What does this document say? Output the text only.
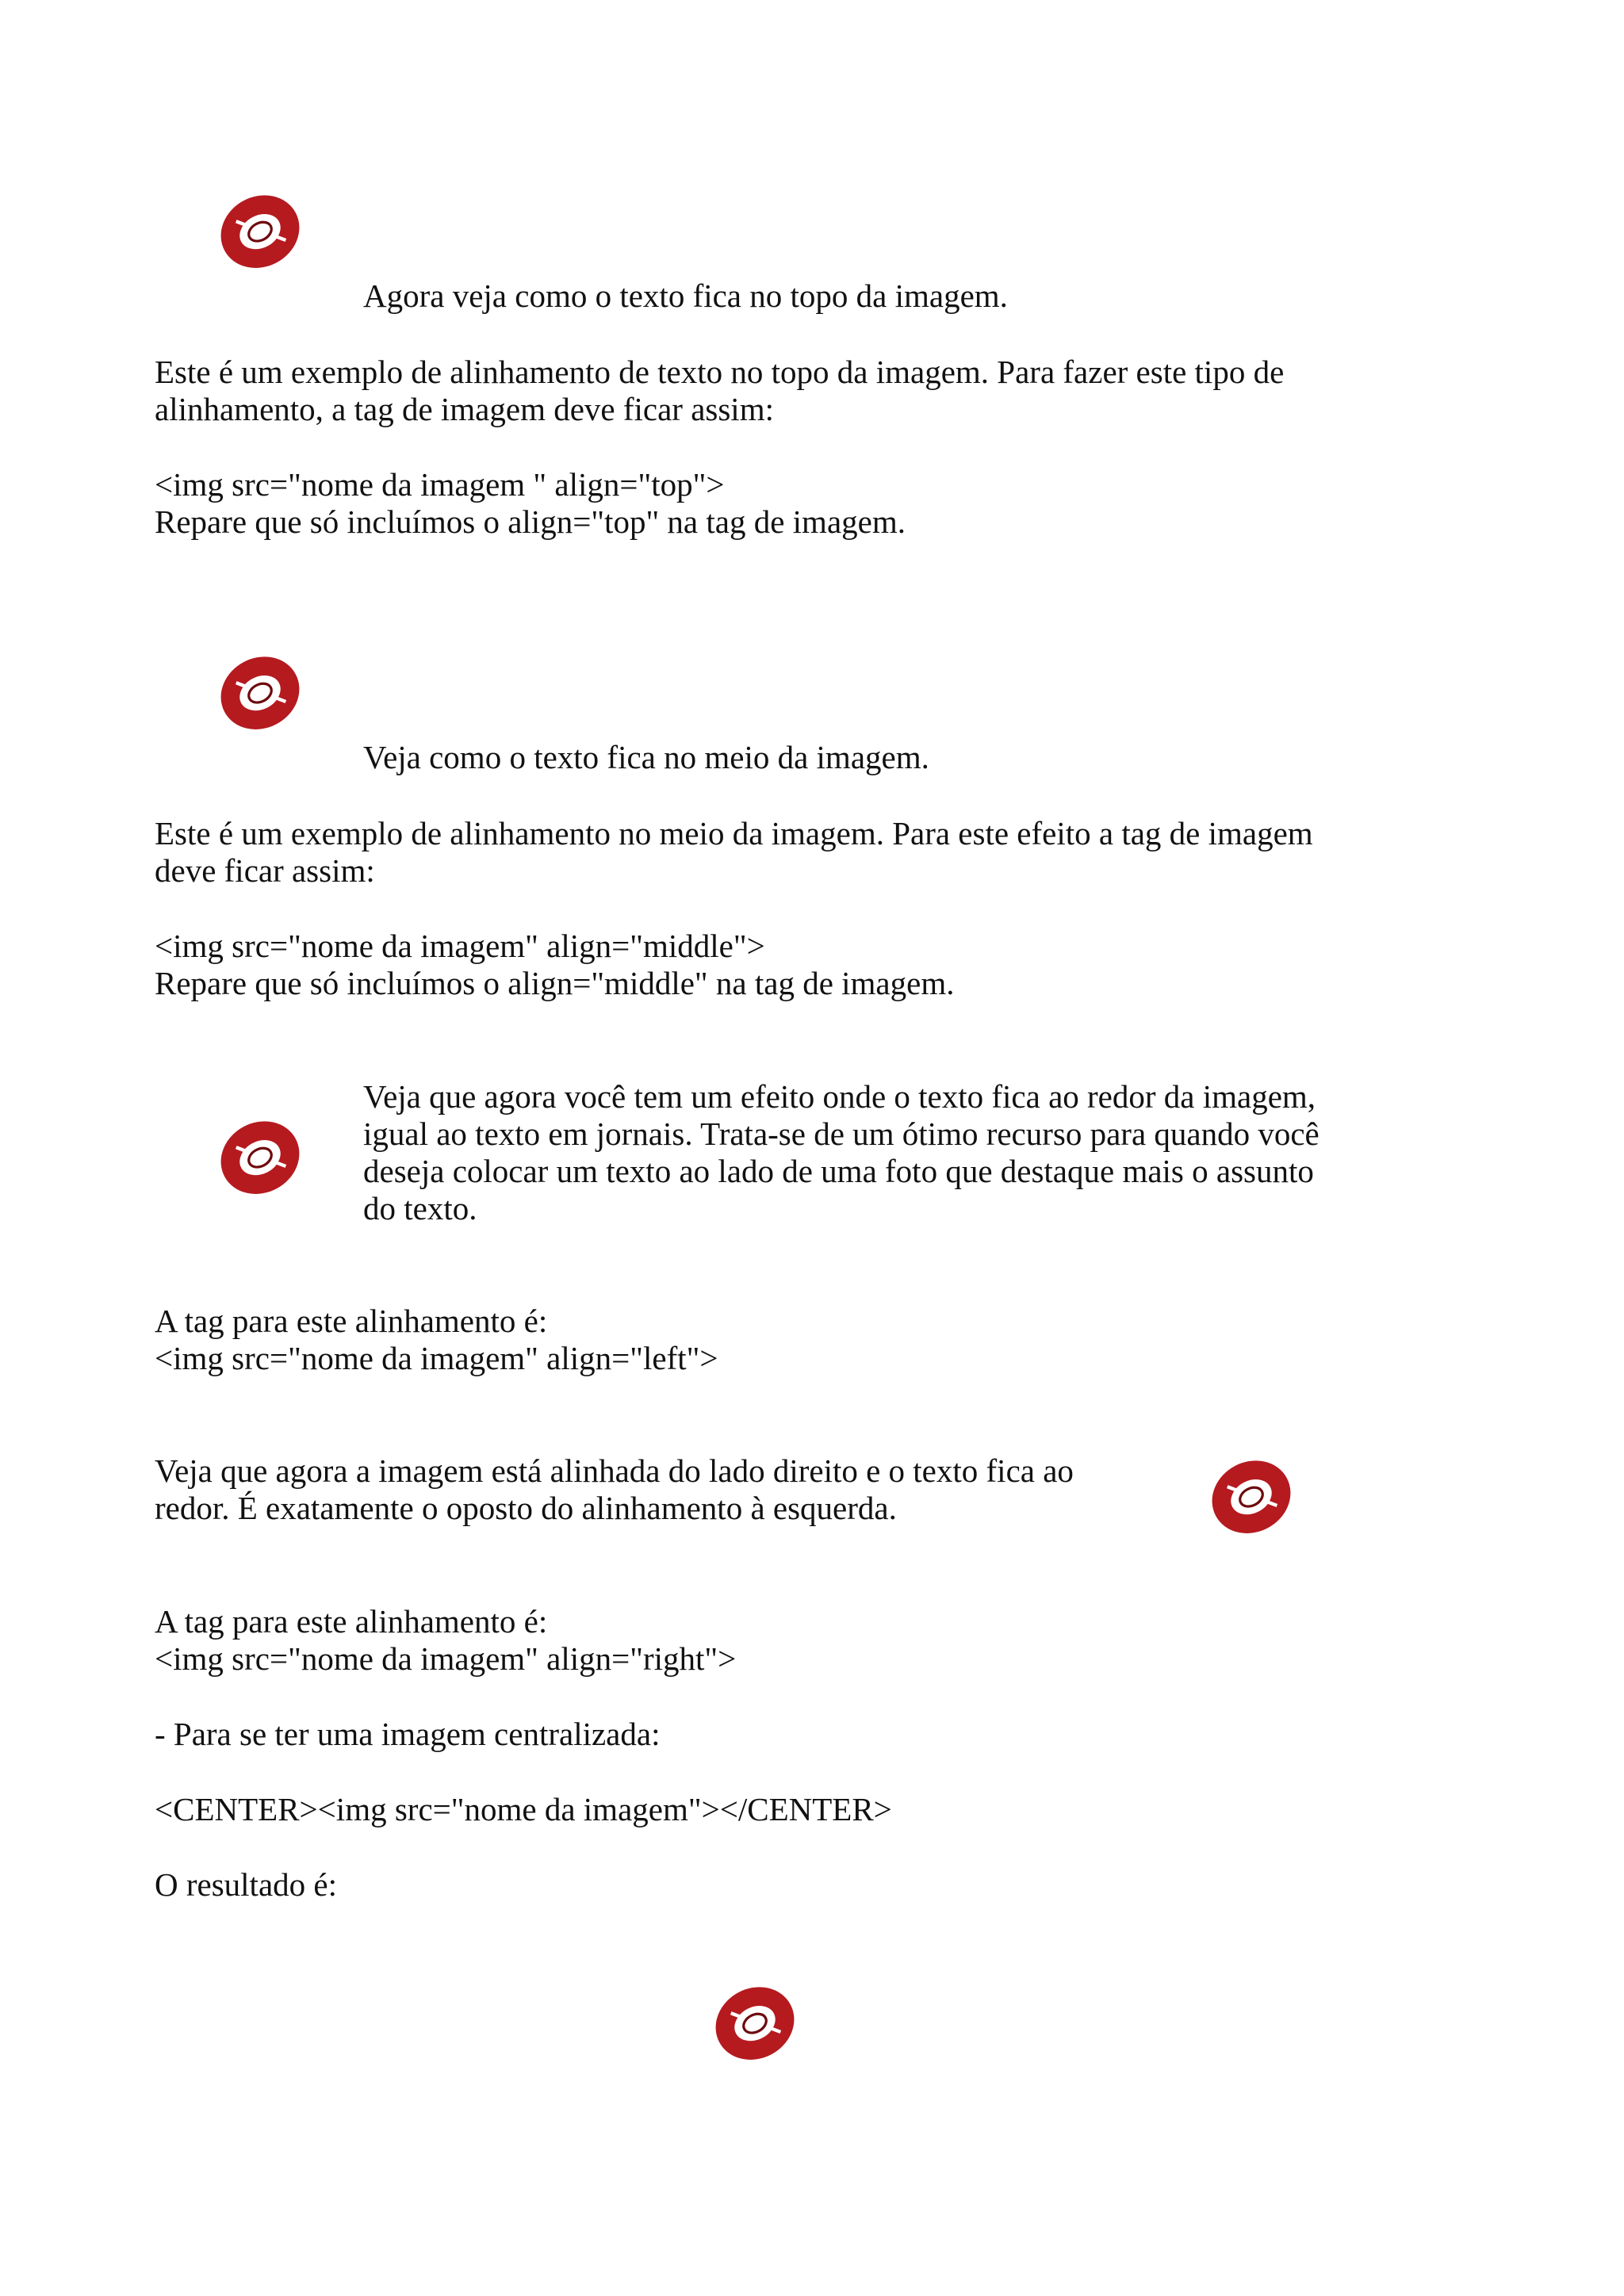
Agora veja como o texto fica no topo da imagem.

Este é um exemplo de alinhamento de texto no topo da imagem. Para fazer este tipo de

alinhamento, a tag de imagem deve ficar assim:

<img src="nome da imagem " align="top">

Repare que só incluímos o align="top" na tag de imagem.

Veja como o texto fica no meio da imagem.

Este é um exemplo de alinhamento no meio da imagem. Para este efeito a tag de imagem

deve ficar assim:

<img src="nome da imagem" align="middle">

Repare que só incluímos o align="middle" na tag de imagem.

Veja que agora você tem um efeito onde o texto fica ao redor da imagem,

igual ao texto em jornais. Trata-se de um ótimo recurso para quando você

deseja colocar um texto ao lado de uma foto que destaque mais o assunto

do texto.

A tag para este alinhamento é:

<img src="nome da imagem" align="left">

Veja que agora a imagem está alinhada do lado direito e o texto fica ao

redor. É exatamente o oposto do alinhamento à esquerda.

A tag para este alinhamento é:

<img src="nome da imagem" align="right">

- Para se ter uma imagem centralizada:

<CENTER><img src="nome da imagem"></CENTER>

O resultado é:
